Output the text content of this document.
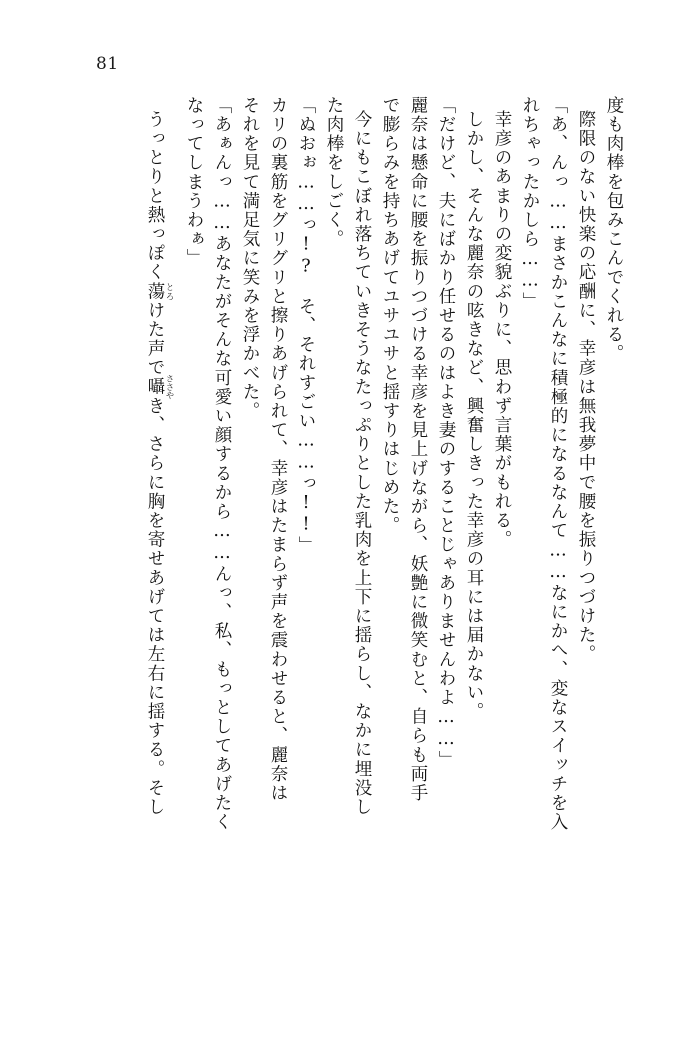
81
うっとりと熱っぽく蕩 とろけた声で囁 ささやき、さらに胸を寄せあげては左右に揺する。そし
なってしまうわぁ」 「あぁんっ……あなたがそんな可愛い顔するから……んっ、私、もっとしてあげたく それを見て満足気に笑みを浮かべた。 カリの裏筋をグリグリと擦りあげられて、幸彦はたまらず声を震わせると、麗奈は 「ぬおぉ……っ!?　そ、それすごい……っ!!」 た肉棒をしごく。 今にもこぼれ落ちていきそうなたっぷりとした乳肉を上下に揺らし、なかに埋没し で膨らみを持ちあげてユサユサと揺すりはじめた。 麗奈は懸命に腰を振りつづける幸彦を見上げながら、妖艶に微笑むと、自らも両手 「だけど、夫にばかり任せるのはよき妻のすることじゃありませんわよ……」 しかし、そんな麗奈の呟きなど、興奮しきった幸彦の耳には届かない。 幸彦のあまりの変貌ぶりに、思わず言葉がもれる。 れちゃったかしら……」 「あ、んっ……まさかこんなに積極的になるなんて……なにかへ、変なスイッチを入 際限のない快楽の応酬に、幸彦は無我夢中で腰を振りつづけた。 度も肉棒を包みこんでくれる。
